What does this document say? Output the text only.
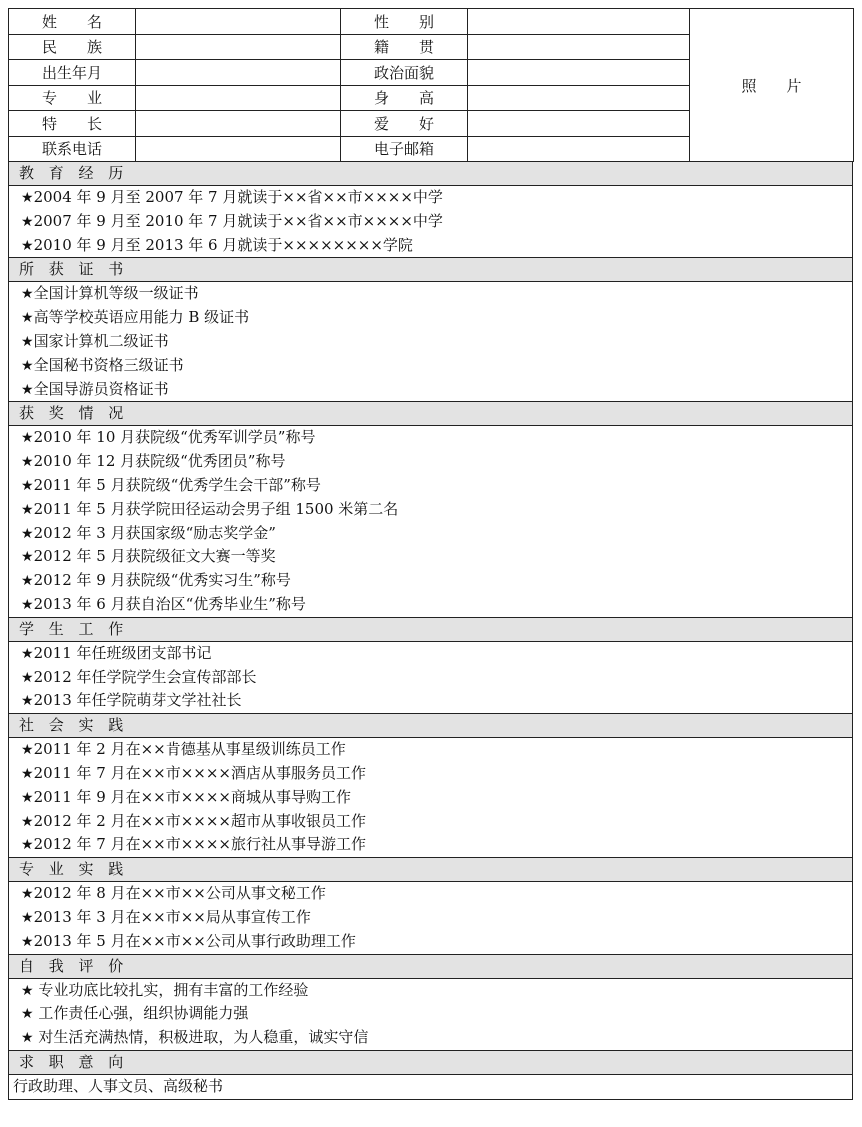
姓　　名		性　　别		照　　片
民　　族		籍　　贯		
出生年月		政治面貌		
专　　业		身　　高		
特　　长		爱　　好		
联系电话		电子邮箱		
教 育 经 历
★2004 年 9 月至 2007 年 7 月就读于××省××市××××中学
★2007 年 9 月至 2010 年 7 月就读于××省××市××××中学
★2010 年 9 月至 2013 年 6 月就读于××××××××学院
所 获 证 书
★全国计算机等级一级证书
★高等学校英语应用能力 B 级证书
★国家计算机二级证书
★全国秘书资格三级证书
★全国导游员资格证书
获 奖 情 况
★2010 年 10 月获院级“优秀军训学员”称号
★2010 年 12 月获院级“优秀团员”称号
★2011 年 5 月获院级“优秀学生会干部”称号
★2011 年 5 月获学院田径运动会男子组 1500 米第二名
★2012 年 3 月获国家级“励志奖学金”
★2012 年 5 月获院级征文大赛一等奖
★2012 年 9 月获院级“优秀实习生”称号
★2013 年 6 月获自治区“优秀毕业生”称号
学 生 工 作
★2011 年任班级团支部书记
★2012 年任学院学生会宣传部部长
★2013 年任学院萌芽文学社社长
社 会 实 践
★2011 年 2 月在××肯德基从事星级训练员工作
★2011 年 7 月在××市××××酒店从事服务员工作
★2011 年 9 月在××市××××商城从事导购工作
★2012 年 2 月在××市××××超市从事收银员工作
★2012 年 7 月在××市××××旅行社从事导游工作
专 业 实 践
★2012 年 8 月在××市××公司从事文秘工作
★2013 年 3 月在××市××局从事宣传工作
★2013 年 5 月在××市××公司从事行政助理工作
自 我 评 价
★ 专业功底比较扎实，拥有丰富的工作经验
★ 工作责任心强，组织协调能力强
★ 对生活充满热情，积极进取，为人稳重，诚实守信
求 职 意 向
行政助理、人事文员、高级秘书
